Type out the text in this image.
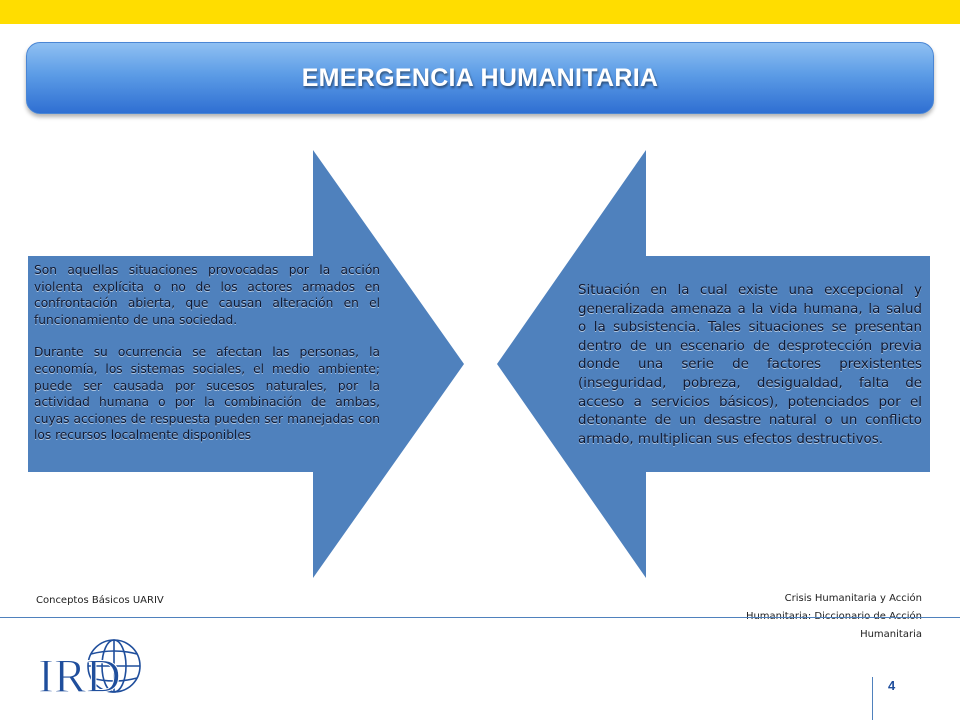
EMERGENCIA HUMANITARIA

Son aquellas situaciones provocadas por la acción violenta explícita o no de los actores armados en confrontación abierta, que causan alteración en el funcionamiento de una sociedad.

Durante su ocurrencia se afectan las personas, la economía, los sistemas sociales, el medio ambiente; puede ser causada por sucesos naturales, por la actividad humana o por la combinación de ambas, cuyas acciones de respuesta pueden ser manejadas con los recursos localmente disponibles

Situación en la cual existe una excepcional y generalizada amenaza a la vida humana, la salud o la subsistencia. Tales situaciones se presentan dentro de un escenario de desprotección previa donde una serie de factores prexistentes (inseguridad, pobreza, desigualdad, falta de acceso a servicios básicos), potenciados por el detonante de un desastre natural o un conflicto armado, multiplican sus efectos destructivos.
Conceptos Básicos UARIV	Crisis Humanitaria y Acción
Humanitaria
IRD	4
